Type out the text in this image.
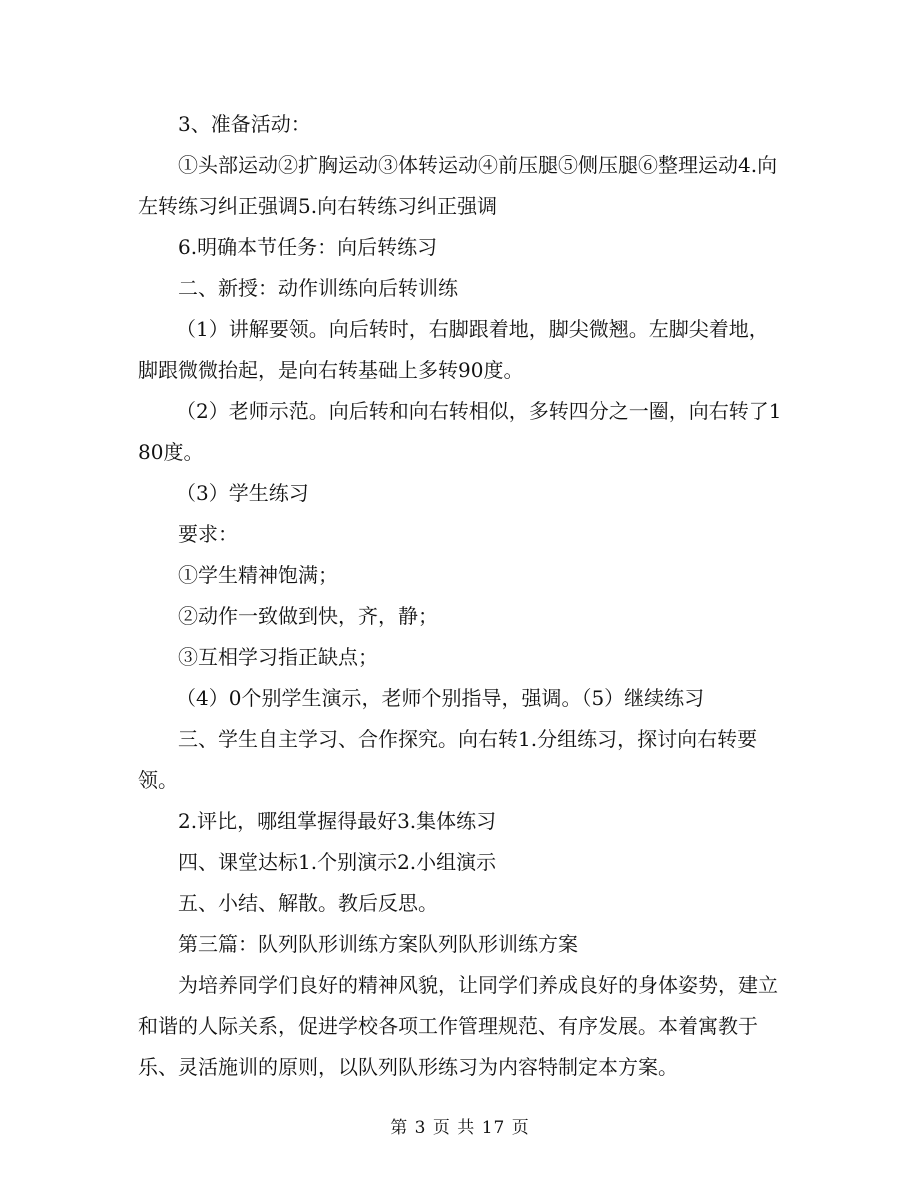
3、准备活动：

①头部运动②扩胸运动③体转运动④前压腿⑤侧压腿⑥整理运动4.向左转练习纠正强调5.向右转练习纠正强调

6.明确本节任务：向后转练习

二、新授：动作训练向后转训练

（1）讲解要领。向后转时，右脚跟着地，脚尖微翘。左脚尖着地，脚跟微微抬起，是向右转基础上多转90度。

（2）老师示范。向后转和向右转相似，多转四分之一圈，向右转了180度。

（3）学生练习

要求：

①学生精神饱满；

②动作一致做到快，齐，静；

③互相学习指正缺点；

（4）0个别学生演示，老师个别指导，强调。（5）继续练习

三、学生自主学习、合作探究。向右转1.分组练习，探讨向右转要领。

2.评比，哪组掌握得最好3.集体练习

四、课堂达标1.个别演示2.小组演示

五、小结、解散。教后反思。

第三篇：队列队形训练方案队列队形训练方案

为培养同学们良好的精神风貌，让同学们养成良好的身体姿势，建立和谐的人际关系，促进学校各项工作管理规范、有序发展。本着寓教于乐、灵活施训的原则，以队列队形练习为内容特制定本方案。

第 3 页 共 17 页
